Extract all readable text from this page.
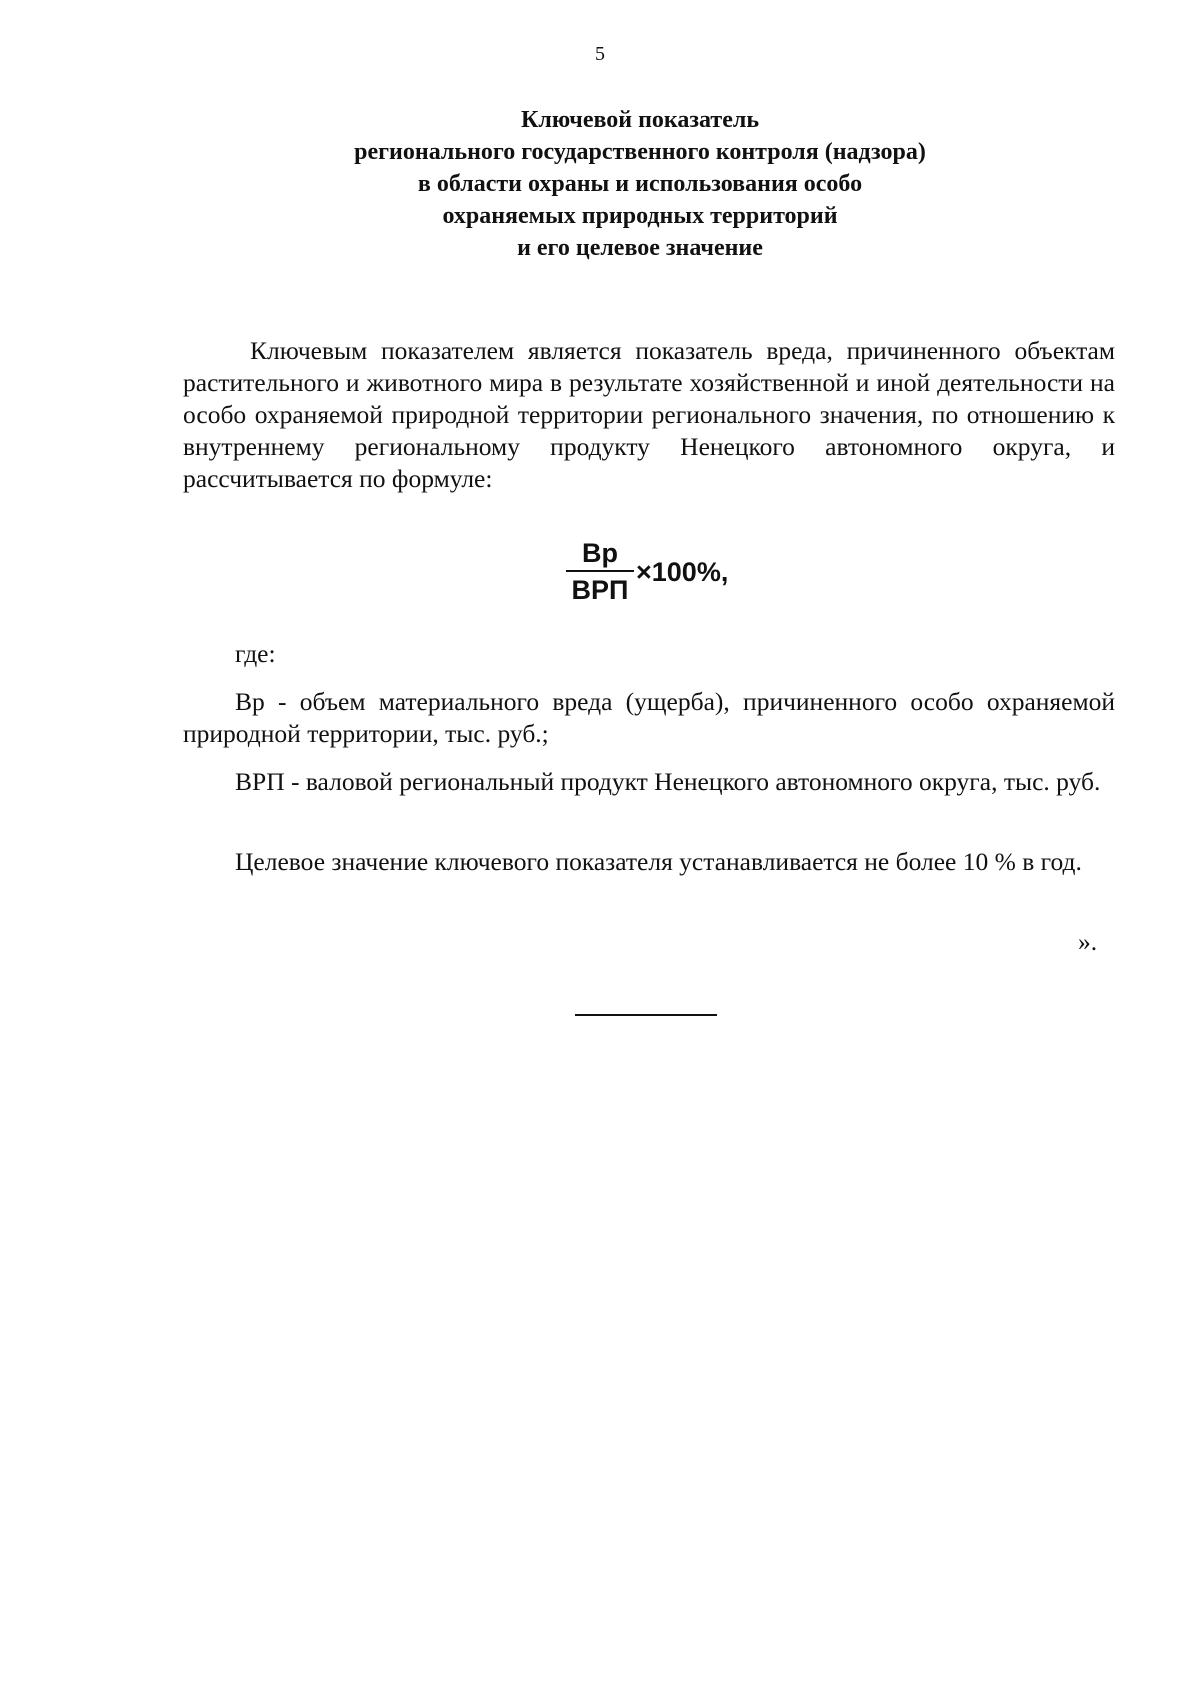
5
Ключевой показатель
регионального государственного контроля (надзора)
в области охраны и использования особо
охраняемых природных территорий
и его целевое значение

Ключевым показателем является показатель вреда, причиненного объектам растительного и животного мира в результате хозяйственной и иной деятельности на особо охраняемой природной территории регионального значения, по отношению к внутреннему региональному продукту Ненецкого автономного округа, и рассчитывается по формуле:

Вр
ВРП
×100%,
где:

Вр - объем материального вреда (ущерба), причиненного особо охраняемой природной территории, тыс. руб.;

ВРП - валовой региональный продукт Ненецкого автономного округа, тыс. руб.

Целевое значение ключевого показателя устанавливается не более 10 % в год.

».
